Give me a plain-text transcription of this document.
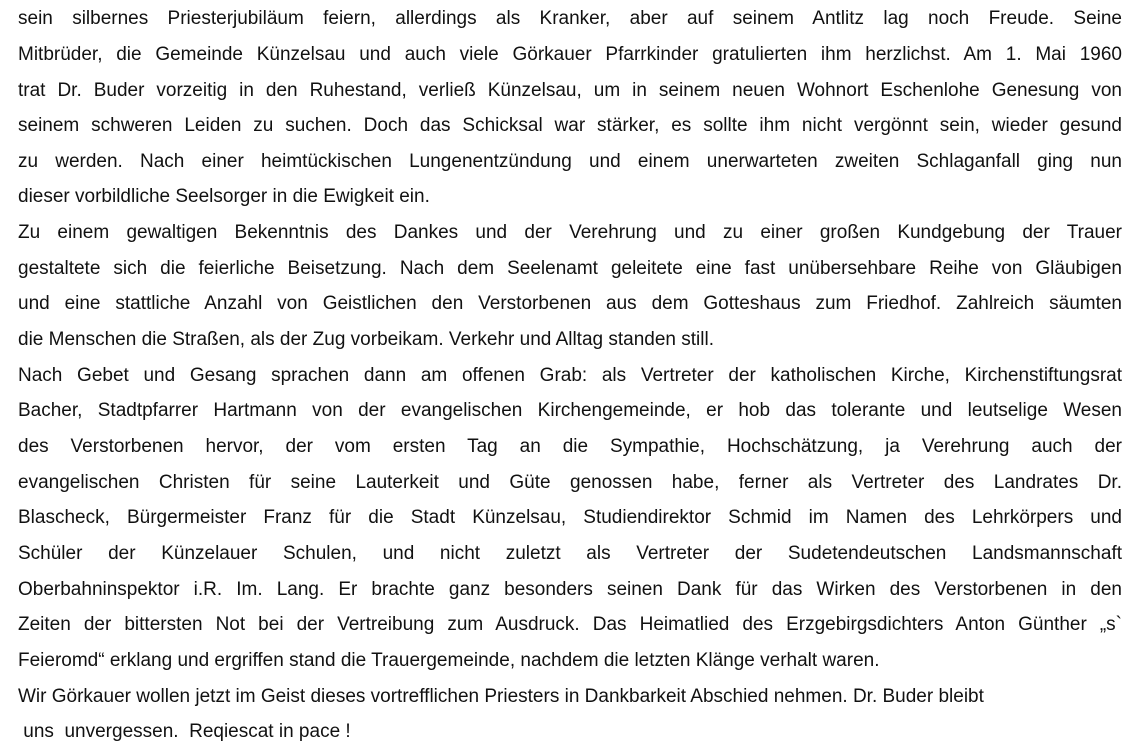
sein silbernes Priesterjubiläum feiern, allerdings als Kranker, aber auf seinem Antlitz lag noch Freude. Seine
Mitbrüder, die Gemeinde Künzelsau und auch viele Görkauer Pfarrkinder gratulierten ihm herzlichst. Am 1. Mai 1960
trat Dr. Buder vorzeitig in den Ruhestand, verließ Künzelsau, um in seinem neuen Wohnort Eschenlohe Genesung von
seinem schweren Leiden zu suchen. Doch das Schicksal war stärker, es sollte ihm nicht vergönnt sein, wieder gesund
zu werden. Nach einer heimtückischen Lungenentzündung und einem unerwarteten zweiten Schlaganfall ging nun
dieser vorbildliche Seelsorger in die Ewigkeit ein.
Zu einem gewaltigen Bekenntnis des Dankes und der Verehrung und zu einer großen Kundgebung der Trauer
gestaltete sich die feierliche Beisetzung. Nach dem Seelenamt geleitete eine fast unübersehbare Reihe von Gläubigen
und eine stattliche Anzahl von Geistlichen den Verstorbenen aus dem Gotteshaus zum Friedhof. Zahlreich säumten
die Menschen die Straßen, als der Zug vorbeikam. Verkehr und Alltag standen still.
Nach Gebet und Gesang sprachen dann am offenen Grab: als Vertreter der katholischen Kirche, Kirchenstiftungsrat
Bacher, Stadtpfarrer Hartmann von der evangelischen Kirchengemeinde, er hob das tolerante und leutselige Wesen
des Verstorbenen hervor, der vom ersten Tag an die Sympathie, Hochschätzung, ja Verehrung auch der
evangelischen Christen für seine Lauterkeit und Güte genossen habe, ferner als Vertreter des Landrates Dr.
Blascheck, Bürgermeister Franz für die Stadt Künzelsau, Studiendirektor Schmid im Namen des Lehrkörpers und
Schüler der Künzelauer Schulen, und nicht zuletzt als Vertreter der Sudetendeutschen Landsmannschaft
Oberbahninspektor i.R. Im. Lang. Er brachte ganz besonders seinen Dank für das Wirken des Verstorbenen in den
Zeiten der bittersten Not bei der Vertreibung zum Ausdruck. Das Heimatlied des Erzgebirgsdichters Anton Günther „s`
Feieromd“ erklang und ergriffen stand die Trauergemeinde, nachdem die letzten Klänge verhalt waren.
Wir Görkauer wollen jetzt im Geist dieses vortrefflichen Priesters in Dankbarkeit Abschied nehmen. Dr. Buder bleibt
uns  unvergessen.  Reqiescat in pace !
